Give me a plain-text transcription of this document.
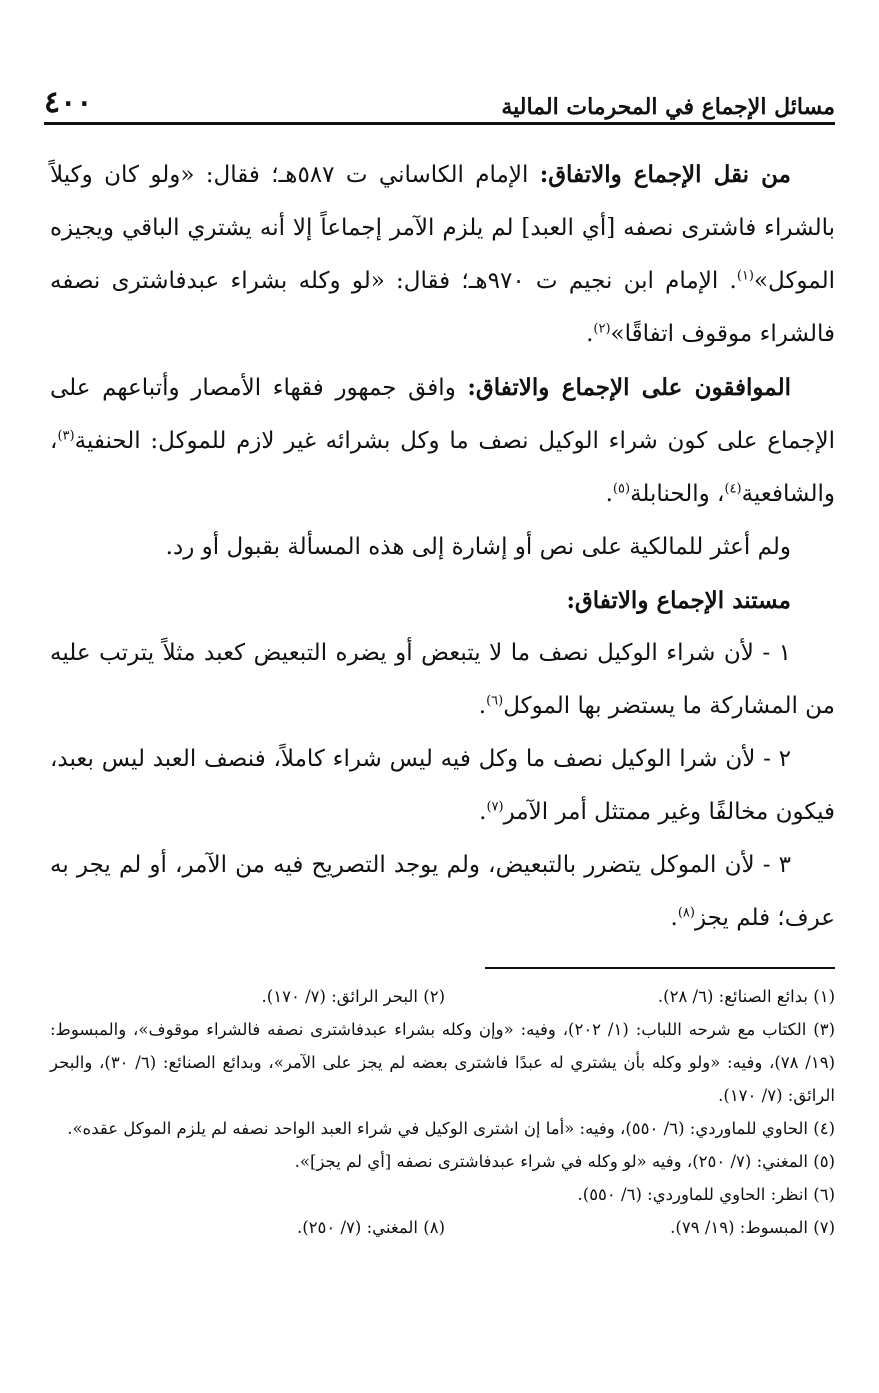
مسائل الإجماع في المحرمات المالية
٤٠٠

من نقل الإجماع والاتفاق: الإمام الكاساني ت ٥٨٧هـ؛ فقال: «ولو كان وكيلاً بالشراء فاشترى نصفه [أي العبد] لم يلزم الآمر إجماعاً إلا أنه يشتري الباقي ويجيزه الموكل»$^{(١)}$. الإمام ابن نجيم ت ٩٧٠هـ؛ فقال: «لو وكله بشراء عبدفاشترى نصفه فالشراء موقوف اتفاقًا»$^{(٢)}$.

الموافقون على الإجماع والاتفاق: وافق جمهور فقهاء الأمصار وأتباعهم على الإجماع على كون شراء الوكيل نصف ما وكل بشرائه غير لازم للموكل: الحنفية$^{(٣)}$، والشافعية$^{(٤)}$، والحنابلة$^{(٥)}$.

ولم أعثر للمالكية على نص أو إشارة إلى هذه المسألة بقبول أو رد.

مستند الإجماع والاتفاق:

١ - لأن شراء الوكيل نصف ما لا يتبعض أو يضره التبعيض كعبد مثلاً يترتب عليه من المشاركة ما يستضر بها الموكل$^{(٦)}$.

٢ - لأن شرا الوكيل نصف ما وكل فيه ليس شراء كاملاً، فنصف العبد ليس بعبد، فيكون مخالفًا وغير ممتثل أمر الآمر$^{(٧)}$.

٣ - لأن الموكل يتضرر بالتبعيض، ولم يوجد التصريح فيه من الآمر، أو لم يجر به عرف؛ فلم يجز$^{(٨)}$.

(١) بدائع الصنائع: (٦/ ٢٨).
(٢) البحر الرائق: (٧/ ١٧٠).

(٣) الكتاب مع شرحه اللباب: (١/ ٢٠٢)، وفيه: «وإن وكله بشراء عبدفاشترى نصفه فالشراء موقوف»، والمبسوط: (١٩/ ٧٨)، وفيه: «ولو وكله بأن يشتري له عبدًا فاشترى بعضه لم يجز على الآمر»، وبدائع الصنائع: (٦/ ٣٠)، والبحر الرائق: (٧/ ١٧٠).

(٤) الحاوي للماوردي: (٦/ ٥٥٠)، وفيه: «أما إن اشترى الوكيل في شراء العبد الواحد نصفه لم يلزم الموكل عقده».

(٥) المغني: (٧/ ٢٥٠)، وفيه «لو وكله في شراء عبدفاشترى نصفه [أي لم يجز]».

(٦) انظر: الحاوي للماوردي: (٦/ ٥٥٠).

(٧) المبسوط: (١٩/ ٧٩).
(٨) المغني: (٧/ ٢٥٠).
